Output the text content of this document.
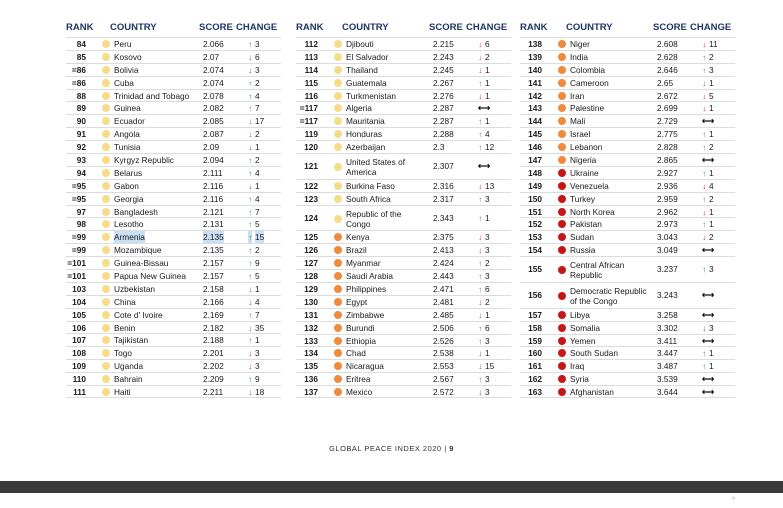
RANK COUNTRY	SCORE CHANGE
84	Peru	2.066	↑ 3
85	Kosovo	2.07	↓ 6
=86	Bolivia	2.074	↓ 3
=86	Cuba	2.074	↑ 2
88	Trinidad and Tobago 2.078	↑ 4
89	Guinea	2.082	↑ 7
90	Ecuador	2.085	↓ 17
91	Angola	2.087	↓ 2
92	Tunisia	2.09	↓ 1
93	Kyrgyz Republic	2.094	↑ 2
94	Belarus	2.111	↑ 4
=95	Gabon	2.116	↓ 1
=95	Georgia	2.116	↑ 4
97	Bangladesh	2.121	↑ 7
98	Lesotho	2.131	↑ 5
=99	Armenia	2.135	↑ 15
=99	Mozambique	2.135	↑ 2
=101	Guinea-Bissau	2.157	↑ 9
=101	Papua New Guinea 2.157	↑ 5
103	Uzbekistan	2.158	↓ 1
104	China	2.166	↓ 4
105	Cote d' Ivoire	2.169	↑ 7
106	Benin	2.182	↓ 35
107	Tajikistan	2.188	↑ 1
108	Togo	2.201	↓ 3
109	Uganda	2.202	↓ 3
110	Bahrain	2.209	↑ 9
111	Haiti	2.211	↓ 18
RANK COUNTRY	SCORE CHANGE
112	Djibouti	2.215	↓ 6
113	El Salvador	2.243	↓ 2
114	Thailand	2.245	↓ 1
115	Guatemala	2.267	↑ 1
116	Turkmenistan	2.276	↓ 1
=117	Algeria	2.287	⟷
=117	Mauritania	2.287	↑ 1
119	Honduras	2.288	↑ 4
120	Azerbaijan	2.3	↑ 12
121	United States of America
2.307	⟷
122	Burkina Faso	2.316	↓ 13
123	South Africa	2.317	↑ 3
124	Republic of the Congo
2.343	↑ 1
125	Kenya	2.375	↓ 3
126	Brazil	2.413	↓ 3
127	Myanmar	2.424	↑ 2
128	Saudi Arabia	2.443	↑ 3
129	Philippines	2.471	↑ 6
130	Egypt	2.481	↓ 2
131	Zimbabwe	2.485	↓ 1
132	Burundi	2.506	↑ 6
133	Ethiopia	2.526	↑ 3
134	Chad	2.538	↓ 1
135	Nicaragua	2.553	↓ 15
136	Eritrea	2.567	↑ 3
137	Mexico	2.572	↓ 3
RANK COUNTRY	SCORE CHANGE
138	Niger	2.608	↓ 11
139	India	2.628	↑ 2
140	Colombia	2.646	↑ 3
141	Cameroon	2.65	↓ 1
142	Iran	2.672	↓ 5
143	Palestine	2.699	↓ 1
144	Mali	2.729	⟷
145	Israel	2.775	↑ 1
146	Lebanon	2.828	↑ 2
147	Nigeria	2.865	⟷
148	Ukraine	2.927	↑ 1
149	Venezuela	2.936	↓ 4
150	Turkey	2.959	↑ 2
151	North Korea	2.962	↓ 1
152	Pakistan	2.973	↑ 1
153	Sudan	3.043	↓ 2
154	Russia	3.049	⟷
155	Central African Republic
3.237	↑ 3
156	Democratic Republic of the Congo
3.243	⟷
157	Libya	3.258	⟷
158	Somalia	3.302	↓ 3
159	Yemen	3.411	⟷
160	South Sudan	3.447	↑ 1
161	Iraq	3.487	↑ 1
162	Syria	3.539	⟷
163	Afghanistan	3.644	⟷
GLOBAL PEACE INDEX 2020 | 9
^
